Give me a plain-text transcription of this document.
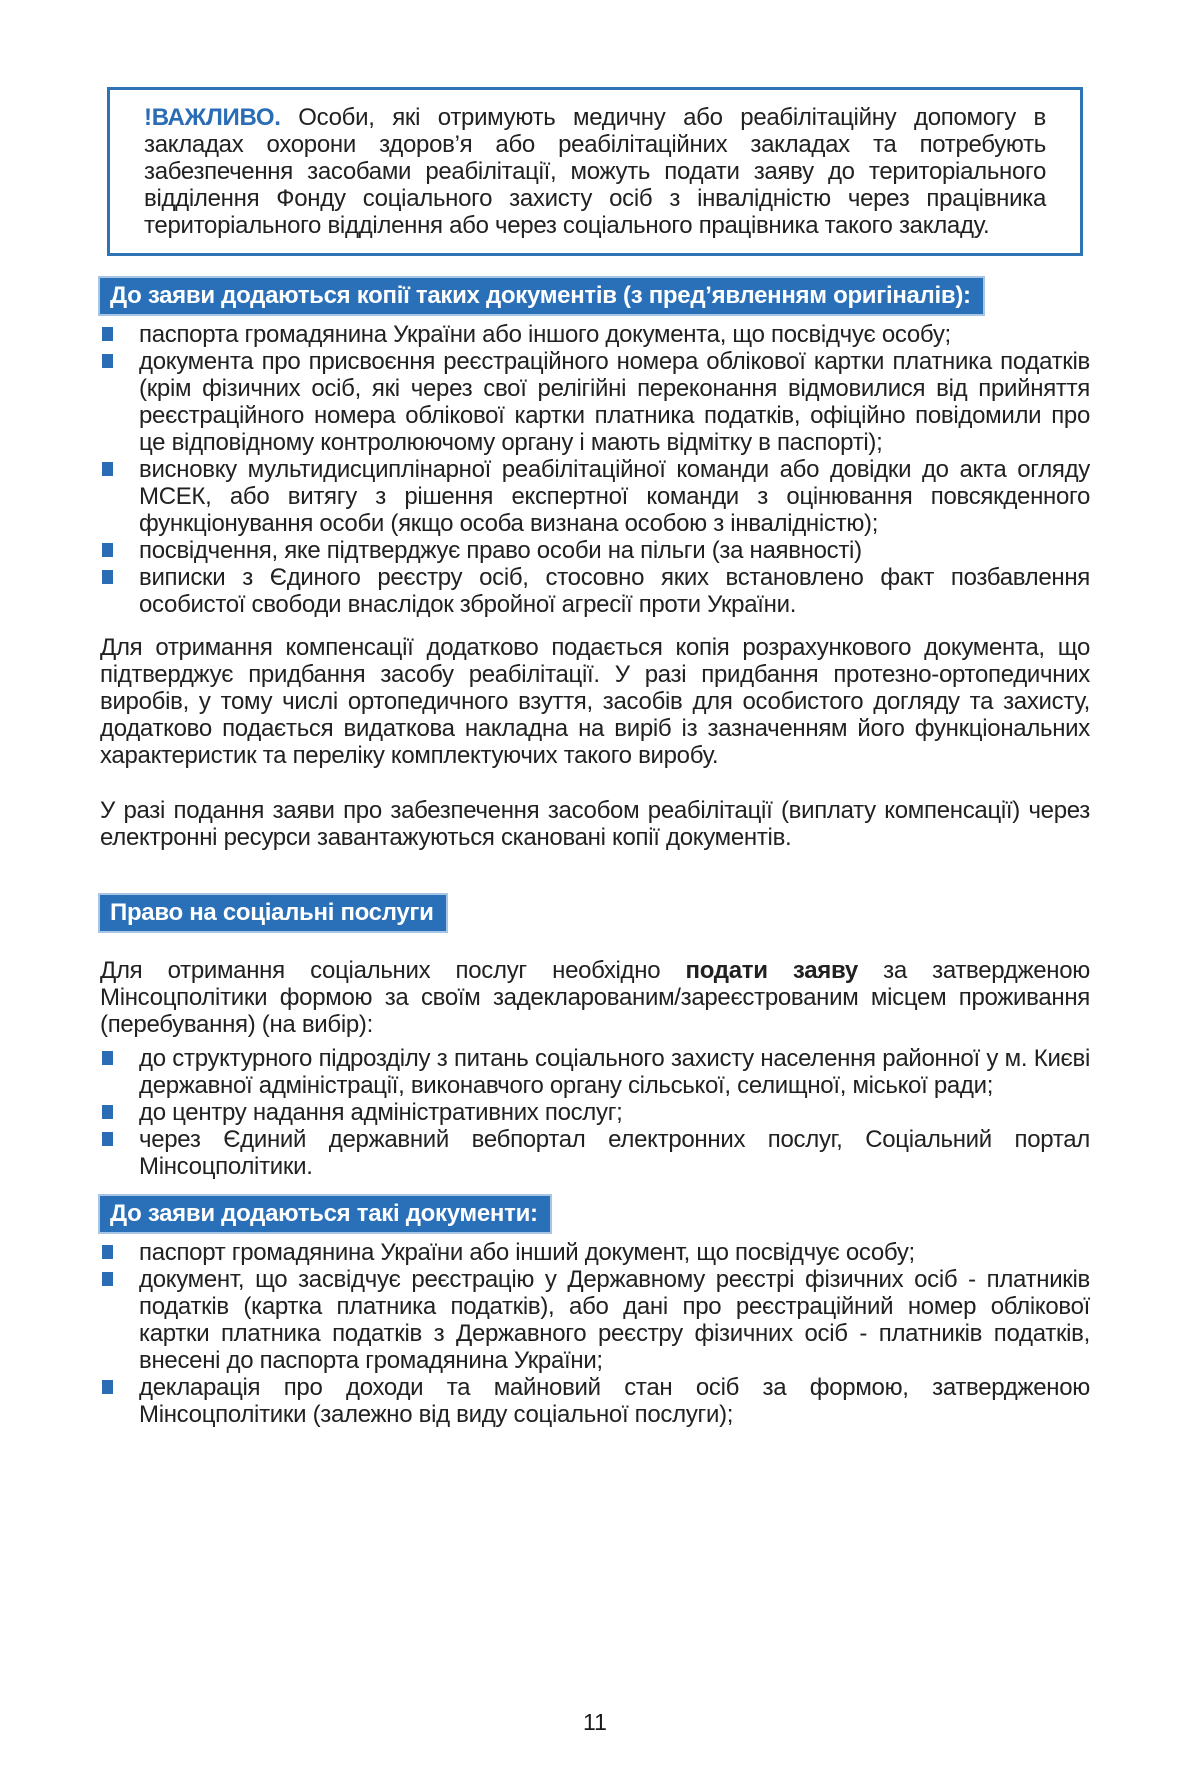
!ВАЖЛИВО. Особи, які отримують медичну або реабілітаційну допомогу в закладах охорони здоров’я або реабілітаційних закладах та потребують забезпечення засобами реабілітації, можуть подати заяву до територіального відділення Фонду соціального захисту осіб з інвалідністю через працівника територіального відділення або через соціального працівника такого закладу.
До заяви додаються копії таких документів (з пред’явленням оригіналів):
паспорта громадянина України або іншого документа, що посвідчує особу;
документа про присвоєння реєстраційного номера облікової картки платника податків (крім фізичних осіб, які через свої релігійні переконання відмовилися від прийняття реєстраційного номера облікової картки платника податків, офіційно повідомили про це відповідному контролюючому органу і мають відмітку в паспорті);
висновку мультидисциплінарної реабілітаційної команди або довідки до акта огляду МСЕК, або витягу з рішення експертної команди з оцінювання повсякденного функціонування особи (якщо особа визнана особою з інвалідністю);
посвідчення, яке підтверджує право особи на пільги (за наявності)
виписки з Єдиного реєстру осіб, стосовно яких встановлено факт позбавлення особистої свободи внаслідок збройної агресії проти України.

Для отримання компенсації додатково подається копія розрахункового документа, що підтверджує придбання засобу реабілітації. У разі придбання протезно-ортопедичних виробів, у тому числі ортопедичного взуття, засобів для особистого догляду та захисту, додатково подається видаткова накладна на виріб із зазначенням його функціональних характеристик та переліку комплектуючих такого виробу.

У разі подання заяви про забезпечення засобом реабілітації (виплату компенсації) через електронні ресурси завантажуються скановані копії документів.

Право на соціальні послуги

Для отримання соціальних послуг необхідно подати заяву за затвердженою Мінсоцполітики формою за своїм задекларованим/зареєстрованим місцем проживання (перебування) (на вибір):

до структурного підрозділу з питань соціального захисту населення районної у м. Києві державної адміністрації, виконавчого органу сільської, селищної, міської ради;
до центру надання адміністративних послуг;
через Єдиний державний вебпортал електронних послуг, Соціальний портал Мінсоцполітики.
До заяви додаються такі документи:
паспорт громадянина України або інший документ, що посвідчує особу;
документ, що засвідчує реєстрацію у Державному реєстрі фізичних осіб - платників податків (картка платника податків), або дані про реєстраційний номер облікової картки платника податків з Державного реєстру фізичних осіб - платників податків, внесені до паспорта громадянина України;
декларація про доходи та майновий стан осіб за формою, затвердженою Мінсоцполітики (залежно від виду соціальної послуги);
11
